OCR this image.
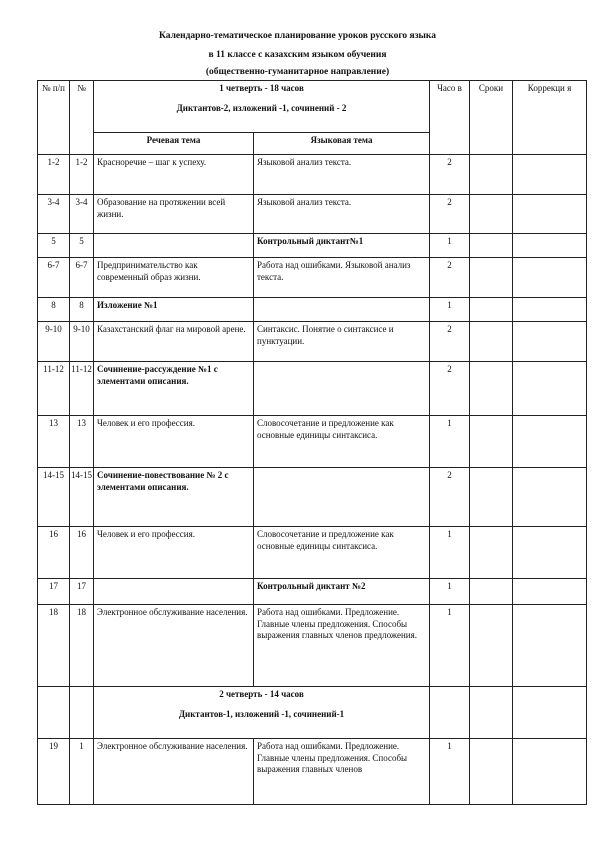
Календарно-тематическое планирование уроков русского языка
в 11 классе с казахским языком обучения
(общественно-гуманитарное направление)
№ п/п	№	1 четверть - 18 часов
Диктантов-2, изложений -1, сочинений - 2		Часо в	Сроки	Коррекци я
		Речевая тема	Языковая тема			
1-2	1-2	Красноречие – шаг к успеху.	Языковой анализ текста.	2		
3-4	3-4	Образование на протяжении всей жизни.	Языковой анализ текста.	2		
5	5		Контрольный диктант№1	1		
6-7	6-7	Предпринимательство как современный образ жизни.	Работа над ошибками. Языковой анализ текста.	2		
8	8	Изложение №1		1		
9-10	9-10	Казахстанский флаг на мировой арене.	Синтаксис. Понятие о синтаксисе и пунктуации.	2		
11-12	11-12	Сочинение-рассуждение №1 с элементами описания.		2		
13	13	Человек и его профессия.	Словосочетание и предложение как основные единицы синтаксиса.	1		
14-15	14-15	Сочинение-повествование № 2 с элементами описания.		2		
16	16	Человек и его профессия.	Словосочетание и предложение как основные единицы синтаксиса.	1		
17	17		Контрольный диктант №2	1		
18	18	Электронное обслуживание населения.	Работа над ошибками. Предложение. Главные члены предложения. Способы выражения главных членов предложения.	1		
		2 четверть - 14 часов
Диктантов-1, изложений -1, сочинений-1				

19	1	Электронное обслуживание населения.	Работа над ошибками. Предложение. Главные члены предложения. Способы выражения главных членов	1		
